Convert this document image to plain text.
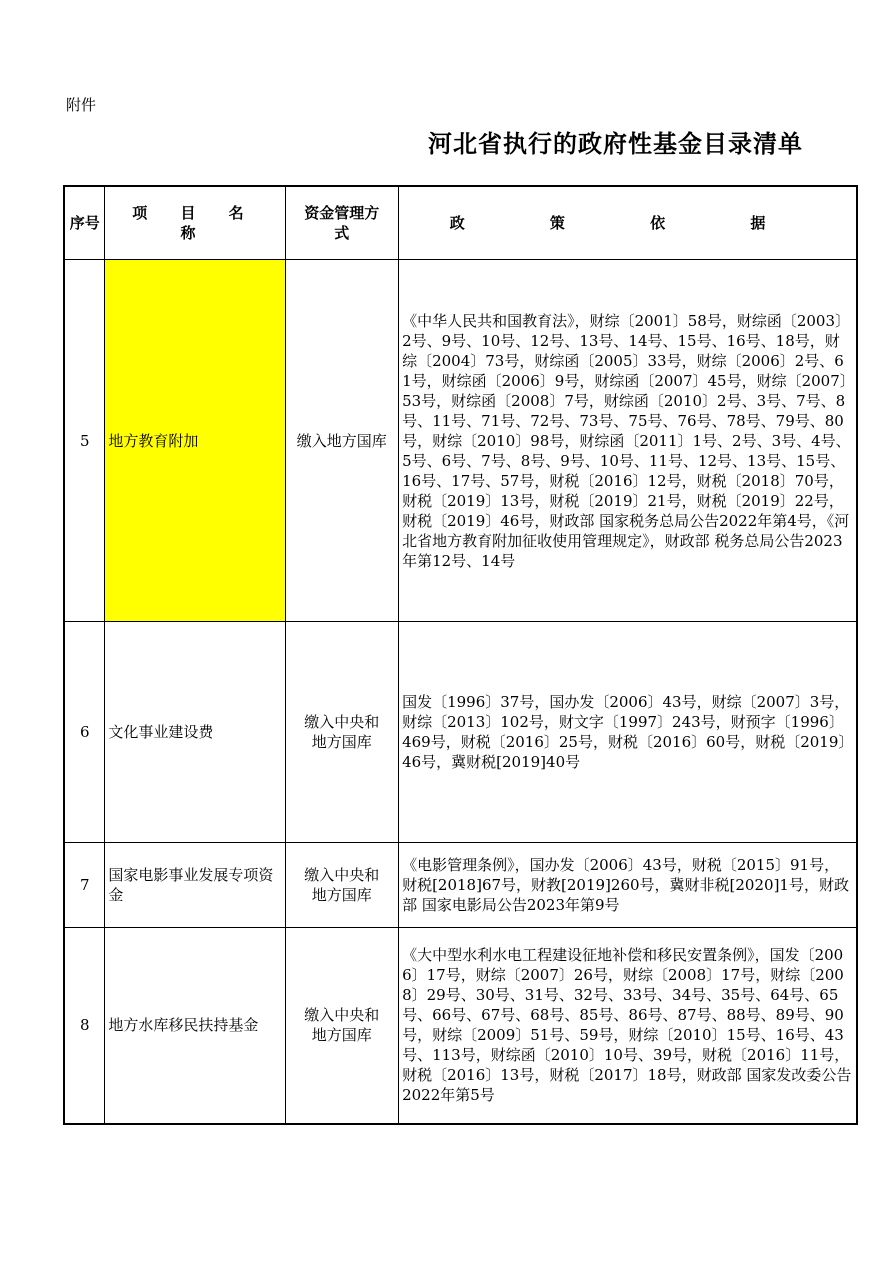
附件
河北省执行的政府性基金目录清单
序号	项 目 名 称	资金管理方式	政 策 依 据
5	地方教育附加	缴入地方国库	《中华人民共和国教育法》，财综〔2001〕58号，财综函〔2003〕2号、9号、10号、12号、13号、14号、15号、16号、18号，财综〔2004〕73号，财综函〔2005〕33号，财综〔2006〕2号、61号，财综函〔2006〕9号，财综函〔2007〕45号，财综〔2007〕53号，财综函〔2008〕7号，财综函〔2010〕2号、3号、7号、8号、11号、71号、72号、73号、75号、76号、78号、79号、80号，财综〔2010〕98号，财综函〔2011〕1号、2号、3号、4号、5号、6号、7号、8号、9号、10号、11号、12号、13号、15号、16号、17号、57号，财税〔2016〕12号，财税〔2018〕70号，财税〔2019〕13号，财税〔2019〕21号，财税〔2019〕22号，财税〔2019〕46号，财政部 国家税务总局公告2022年第4号，《河北省地方教育附加征收使用管理规定》，财政部 税务总局公告2023年第12号、14号
6	文化事业建设费	缴入中央和地方国库	国发〔1996〕37号，国办发〔2006〕43号，财综〔2007〕3号，财综〔2013〕102号，财文字〔1997〕243号，财预字〔1996〕469号，财税〔2016〕25号，财税〔2016〕60号，财税〔2019〕46号，冀财税[2019]40号
7	国家电影事业发展专项资金	缴入中央和地方国库	《电影管理条例》，国办发〔2006〕43号，财税〔2015〕91号，财税[2018]67号，财教[2019]260号，冀财非税[2020]1号，财政部 国家电影局公告2023年第9号
8	地方水库移民扶持基金	缴入中央和地方国库	《大中型水利水电工程建设征地补偿和移民安置条例》，国发〔2006〕17号，财综〔2007〕26号，财综〔2008〕17号，财综〔2008〕29号、30号、31号、32号、33号、34号、35号、64号、65号、66号、67号、68号、85号、86号、87号、88号、89号、90号，财综〔2009〕51号、59号，财综〔2010〕15号、16号、43号、113号，财综函〔2010〕10号、39号，财税〔2016〕11号，财税〔2016〕13号，财税〔2017〕18号，财政部 国家发改委公告2022年第5号
